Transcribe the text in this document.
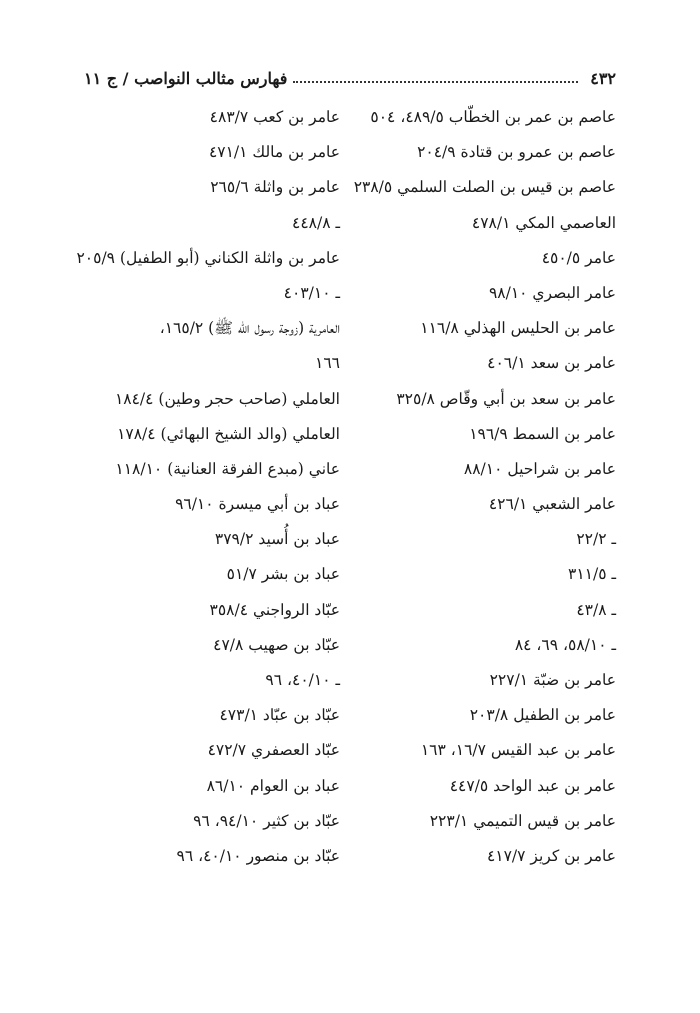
٤٣٢
فهارس مثالب النواصب / ج ١١
عاصم بن عمر بن الخطّاب ٤٨٩/٥، ٥٠٤
عاصم بن عمرو بن قتادة ٢٠٤/٩
عاصم بن قيس بن الصلت السلمي ٢٣٨/٥
العاصمي المكي ٤٧٨/١
عامر ٤٥٠/٥
عامر البصري ٩٨/١٠
عامر بن الحليس الهذلي ١١٦/٨
عامر بن سعد ٤٠٦/١
عامر بن سعد بن أبي وقّاص ٣٢٥/٨
عامر بن السمط ١٩٦/٩
عامر بن شراحيل ٨٨/١٠
عامر الشعبي ٤٢٦/١
ـ ٢٢/٢
ـ ٣١١/٥
ـ ٤٣/٨
ـ ٥٨/١٠، ٦٩، ٨٤
عامر بن ضبّة ٢٢٧/١
عامر بن الطفيل ٢٠٣/٨
عامر بن عبد القيس ١٦/٧، ١٦٣
عامر بن عبد الواحد ٤٤٧/٥
عامر بن قيس التميمي ٢٢٣/١
عامر بن كريز ٤١٧/٧
عامر بن كعب ٤٨٣/٧
عامر بن مالك ٤٧١/١
عامر بن واثلة ٢٦٥/٦
ـ ٤٤٨/٨
عامر بن واثلة الكناني (أبو الطفيل) ٢٠٥/٩
ـ ٤٠٣/١٠
العامرية (زوجة رسول الله ﷺ) ١٦٥/٢،
١٦٦
العاملي (صاحب حجر وطين) ١٨٤/٤
العاملي (والد الشيخ البهائي) ١٧٨/٤
عاني (مبدع الفرقة العنانية) ١١٨/١٠
عباد بن أبي ميسرة ٩٦/١٠
عباد بن أُسيد ٣٧٩/٢
عباد بن بشر ٥١/٧
عبّاد الرواجني ٣٥٨/٤
عبّاد بن صهيب ٤٧/٨
ـ ٤٠/١٠، ٩٦
عبّاد بن عبّاد ٤٧٣/١
عبّاد العصفري ٤٧٢/٧
عباد بن العوام ٨٦/١٠
عبّاد بن كثير ٩٤/١٠، ٩٦
عبّاد بن منصور ٤٠/١٠، ٩٦
